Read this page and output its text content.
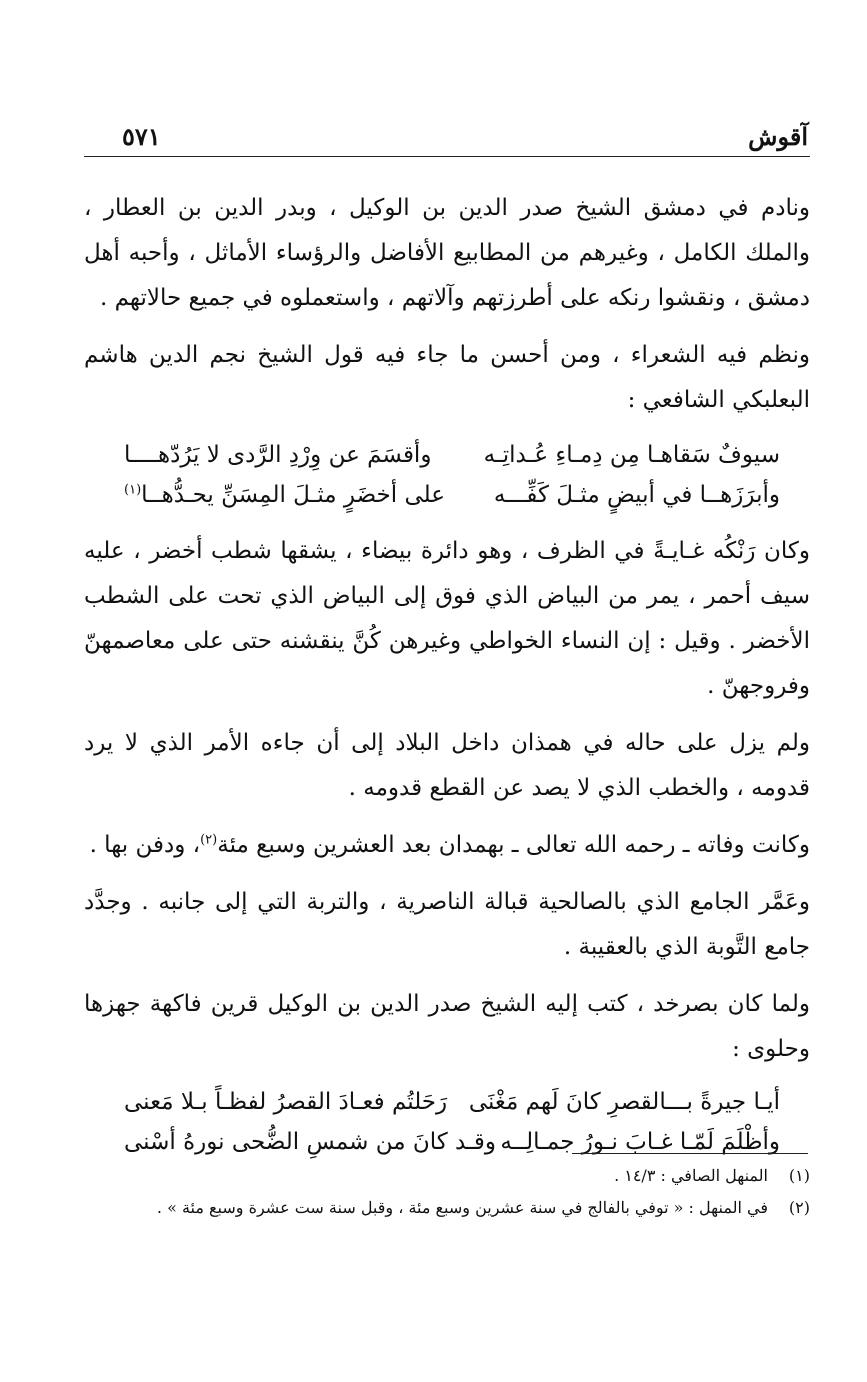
آقوش
٥٧١

ونادم في دمشق الشيخ صدر الدين بن الوكيل ، وبدر الدين بن العطار ، والملك الكامل ، وغيرهم من المطابيع الأفاضل والرؤساء الأماثل ، وأحبه أهل دمشق ، ونقشوا رنكه على أطرزتهم وآلاتهم ، واستعملوه في جميع حالاتهم .

ونظم فيه الشعراء ، ومن أحسن ما جاء فيه قول الشيخ نجم الدين هاشم البعلبكي الشافعي :

سيوفٌ سَقاهـا مِن دِمـاءِ عُـداتِـه
وأقسَمَ عن وِرْدِ الرَّدى لا يَرُدّهــــا
وأبرَزَهــا في أبيضٍ مثـلَ كَفِّـــه
على أخضَرٍ مثـلَ المِسَنِّ يحـدُّهــا$^{(١)}$

وكان رَنْكُه غـايـةً في الظرف ، وهو دائرة بيضاء ، يشقها شطب أخضر ، عليه سيف أحمر ، يمر من البياض الذي فوق إلى البياض الذي تحت على الشطب الأخضر . وقيل : إن النساء الخواطي وغيرهن كُنَّ ينقشنه حتى على معاصمهنّ وفروجهنّ .

ولم يزل على حاله في همذان داخل البلاد إلى أن جاءه الأمر الذي لا يرد قدومه ، والخطب الذي لا يصد عن القطع قدومه .

وكانت وفاته ـ رحمه الله تعالى ـ بهمدان بعد العشرين وسبع مئة$^{(٢)}$، ودفن بها .

وعَمَّر الجامع الذي بالصالحية قبالة الناصرية ، والتربة التي إلى جانبه . وجدَّد جامع التَّوبة الذي بالعقيبة .

ولما كان بصرخد ، كتب إليه الشيخ صدر الدين بن الوكيل قرين فاكهة جهزها وحلوى :

أيـا جيرةً بـــالقصرِ كانَ لَهم مَغْنَى
رَحَلتُم فعـادَ القصرُ لفظـاً بـلا مَعنى
وأظْلَمَ لَمّـا غـابَ نـورُ جمـالِــه
وقـد كانَ من شمسِ الضُّحى نورهُ أسْنى
(١)
المنهل الصافي : ١٤/٣ .
(٢)
في المنهل : « توفي بالفالج في سنة عشرين وسبع مئة ، وقبل سنة ست عشرة وسبع مئة » .
